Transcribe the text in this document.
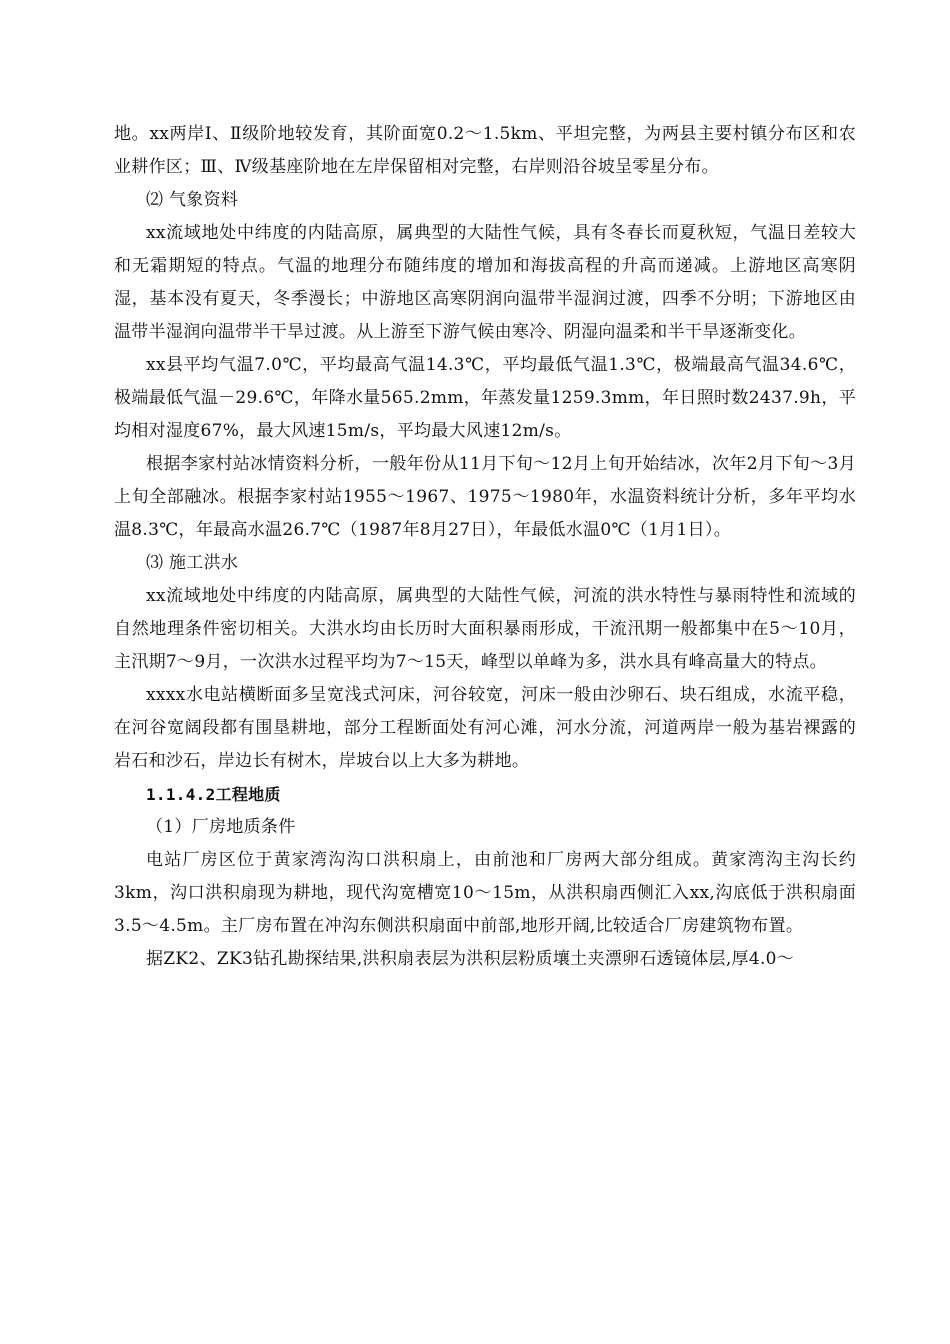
地。xx两岸Ⅰ、Ⅱ级阶地较发育，其阶面宽0.2～1.5km、平坦完整，为两县主要村镇分布区和农业耕作区；Ⅲ、Ⅳ级基座阶地在左岸保留相对完整，右岸则沿谷坡呈零星分布。

⑵ 气象资料

xx流域地处中纬度的内陆高原，属典型的大陆性气候，具有冬春长而夏秋短，气温日差较大和无霜期短的特点。气温的地理分布随纬度的增加和海拔高程的升高而递减。上游地区高寒阴湿，基本没有夏天，冬季漫长；中游地区高寒阴润向温带半湿润过渡，四季不分明；下游地区由温带半湿润向温带半干旱过渡。从上游至下游气候由寒冷、阴湿向温柔和半干旱逐渐变化。

xx县平均气温7.0℃，平均最高气温14.3℃，平均最低气温1.3℃，极端最高气温34.6℃，极端最低气温－29.6℃，年降水量565.2mm，年蒸发量1259.3mm，年日照时数2437.9h，平均相对湿度67%，最大风速15m/s，平均最大风速12m/s。

根据李家村站冰情资料分析，一般年份从11月下旬～12月上旬开始结冰，次年2月下旬～3月上旬全部融冰。根据李家村站1955～1967、1975～1980年，水温资料统计分析，多年平均水温8.3℃，年最高水温26.7℃（1987年8月27日），年最低水温0℃（1月1日）。

⑶ 施工洪水

xx流域地处中纬度的内陆高原，属典型的大陆性气候，河流的洪水特性与暴雨特性和流域的自然地理条件密切相关。大洪水均由长历时大面积暴雨形成，干流汛期一般都集中在5～10月，主汛期7～9月，一次洪水过程平均为7～15天，峰型以单峰为多，洪水具有峰高量大的特点。

xxxx水电站横断面多呈宽浅式河床，河谷较宽，河床一般由沙卵石、块石组成，水流平稳，在河谷宽阔段都有围垦耕地，部分工程断面处有河心滩，河水分流，河道两岸一般为基岩裸露的岩石和沙石，岸边长有树木，岸坡台以上大多为耕地。

1.1.4.2工程地质

（1）厂房地质条件

电站厂房区位于黄家湾沟沟口洪积扇上，由前池和厂房两大部分组成。黄家湾沟主沟长约3km，沟口洪积扇现为耕地，现代沟宽槽宽10～15m，从洪积扇西侧汇入xx,沟底低于洪积扇面3.5～4.5m。主厂房布置在冲沟东侧洪积扇面中前部,地形开阔,比较适合厂房建筑物布置。

据ZK2、ZK3钻孔勘探结果,洪积扇表层为洪积层粉质壤土夹漂卵石透镜体层,厚4.0～
